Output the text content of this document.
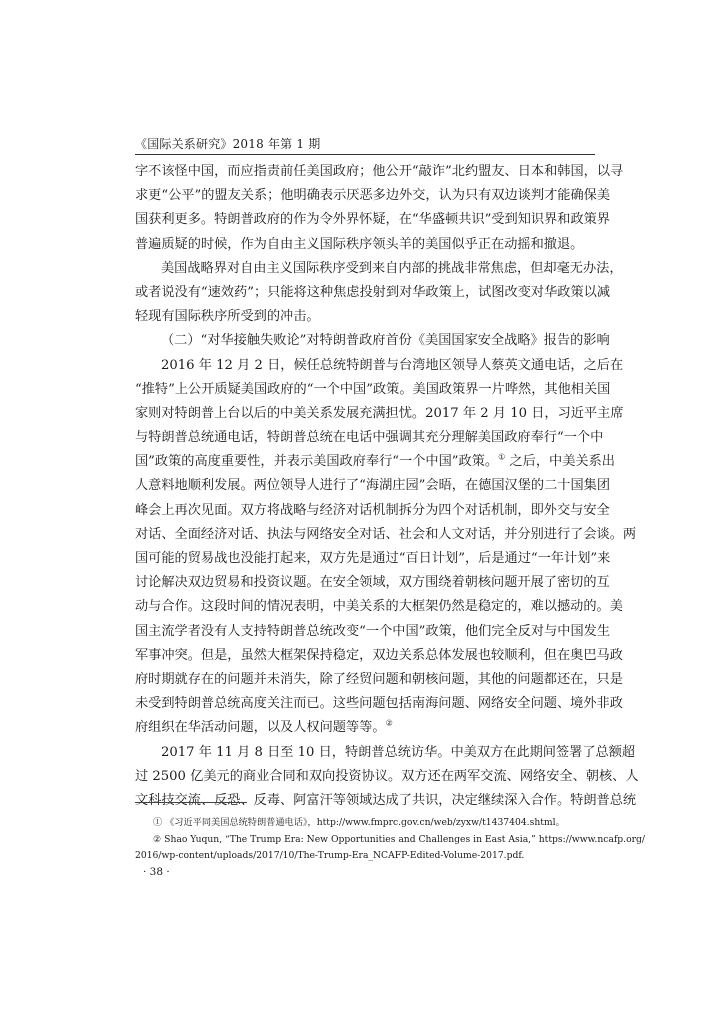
《国际关系研究》2018 年第 1 期
字不该怪中国，而应指责前任美国政府；他公开“敲诈”北约盟友、日本和韩国，以寻
求更“公平”的盟友关系；他明确表示厌恶多边外交，认为只有双边谈判才能确保美
国获利更多。特朗普政府的作为令外界怀疑，在“华盛顿共识”受到知识界和政策界
普遍质疑的时候，作为自由主义国际秩序领头羊的美国似乎正在动摇和撤退。
美国战略界对自由主义国际秩序受到来自内部的挑战非常焦虑，但却毫无办法，
或者说没有“速效药”；只能将这种焦虑投射到对华政策上，试图改变对华政策以减
轻现有国际秩序所受到的冲击。
（二）“对华接触失败论”对特朗普政府首份《美国国家安全战略》报告的影响
2016 年 12 月 2 日，候任总统特朗普与台湾地区领导人蔡英文通电话，之后在
“推特”上公开质疑美国政府的“一个中国”政策。美国政策界一片哗然，其他相关国
家则对特朗普上台以后的中美关系发展充满担忧。2017 年 2 月 10 日，习近平主席
与特朗普总统通电话，特朗普总统在电话中强调其充分理解美国政府奉行“一个中
国”政策的高度重要性，并表示美国政府奉行“一个中国”政策。① 之后，中美关系出
人意料地顺利发展。两位领导人进行了“海湖庄园”会晤，在德国汉堡的二十国集团
峰会上再次见面。双方将战略与经济对话机制拆分为四个对话机制，即外交与安全
对话、全面经济对话、执法与网络安全对话、社会和人文对话，并分别进行了会谈。两
国可能的贸易战也没能打起来，双方先是通过“百日计划”，后是通过“一年计划”来
讨论解决双边贸易和投资议题。在安全领域，双方围绕着朝核问题开展了密切的互
动与合作。这段时间的情况表明，中美关系的大框架仍然是稳定的，难以撼动的。美
国主流学者没有人支持特朗普总统改变“一个中国”政策，他们完全反对与中国发生
军事冲突。但是，虽然大框架保持稳定，双边关系总体发展也较顺利，但在奥巴马政
府时期就存在的问题并未消失，除了经贸问题和朝核问题，其他的问题都还在，只是
未受到特朗普总统高度关注而已。这些问题包括南海问题、网络安全问题、境外非政
府组织在华活动问题，以及人权问题等等。②
2017 年 11 月 8 日至 10 日，特朗普总统访华。中美双方在此期间签署了总额超
过 2500 亿美元的商业合同和双向投资协议。双方还在两军交流、网络安全、朝核、人
文科技交流、反恐、反毒、阿富汗等领域达成了共识，决定继续深入合作。特朗普总统
① 《习近平同美国总统特朗普通电话》，http://www.fmprc.gov.cn/web/zyxw/t1437404.shtml。
② Shao Yuqun, “The Trump Era: New Opportunities and Challenges in East Asia,” https://www.ncafp.org/
2016/wp-content/uploads/2017/10/The-Trump-Era_NCAFP-Edited-Volume-2017.pdf.
· 38 ·
